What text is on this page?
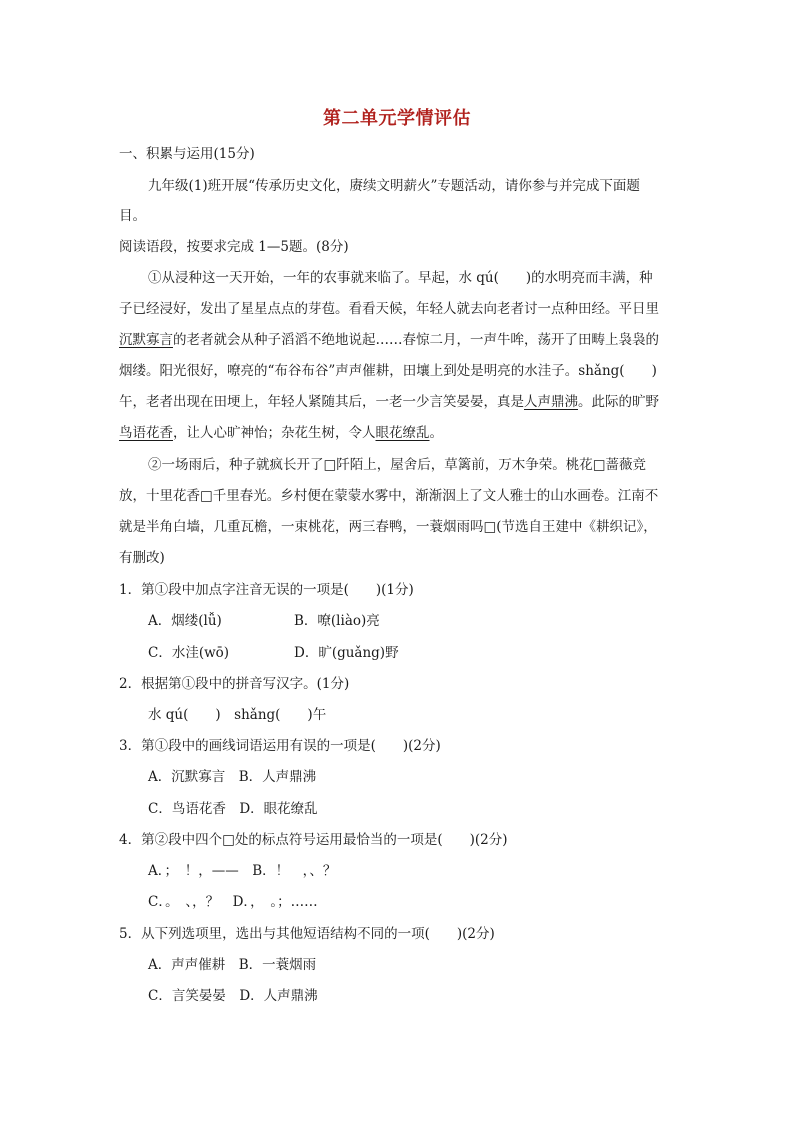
第二单元学情评估
一、积累与运用(15分)
九年级(1)班开展“传承历史文化，赓续文明薪火”专题活动，请你参与并完成下面题
目。
阅读语段，按要求完成 1—5题。(8分)
①从浸种这一天开始，一年的农事就来临了。早起，水 qú(　　)的水明亮而丰满，种
子已经浸好，发出了星星点点的芽苞。看看天候，年轻人就去向老者讨一点种田经。平日里
沉默寡言的老者就会从种子滔滔不绝地说起……春惊二月，一声牛哞，荡开了田畴上袅袅的
烟缕。阳光很好，嘹亮的“布谷布谷”声声催耕，田壤上到处是明亮的水洼子。shǎng(　　)
午，老者出现在田埂上，年轻人紧随其后，一老一少言笑晏晏，真是人声鼎沸。此际的旷野
鸟语花香，让人心旷神怡；杂花生树，令人眼花缭乱。
②一场雨后，种子就疯长开了□阡陌上，屋舍后，草篱前，万木争荣。桃花□蔷薇竞
放，十里花香□千里春光。乡村便在蒙蒙水雾中，渐渐洇上了文人雅士的山水画卷。江南不
就是半角白墙，几重瓦檐，一束桃花，两三春鸭，一蓑烟雨吗□(节选自王建中《耕织记》，
有删改)
1．第①段中加点字注音无误的一项是(　　)(1分)
A．烟缕(lǚ)	B．嘹(liào)亮
C．水洼(wō)	D．旷(guǎng)野
2．根据第①段中的拼音写汉字。(1分)
水 qú(　　)　shǎng(　　)午
3．第①段中的画线词语运用有误的一项是(　　)(2分)
A．沉默寡言　B．人声鼎沸
C．鸟语花香　D．眼花缭乱
4．第②段中四个□处的标点符号运用最恰当的一项是(　　)(2分)
A．；　！，——　B．！　，、？
C．。　、，？　D．，　。；……
5．从下列选项里，选出与其他短语结构不同的一项(　　)(2分)
A．声声催耕　B．一蓑烟雨
C．言笑晏晏　D．人声鼎沸
